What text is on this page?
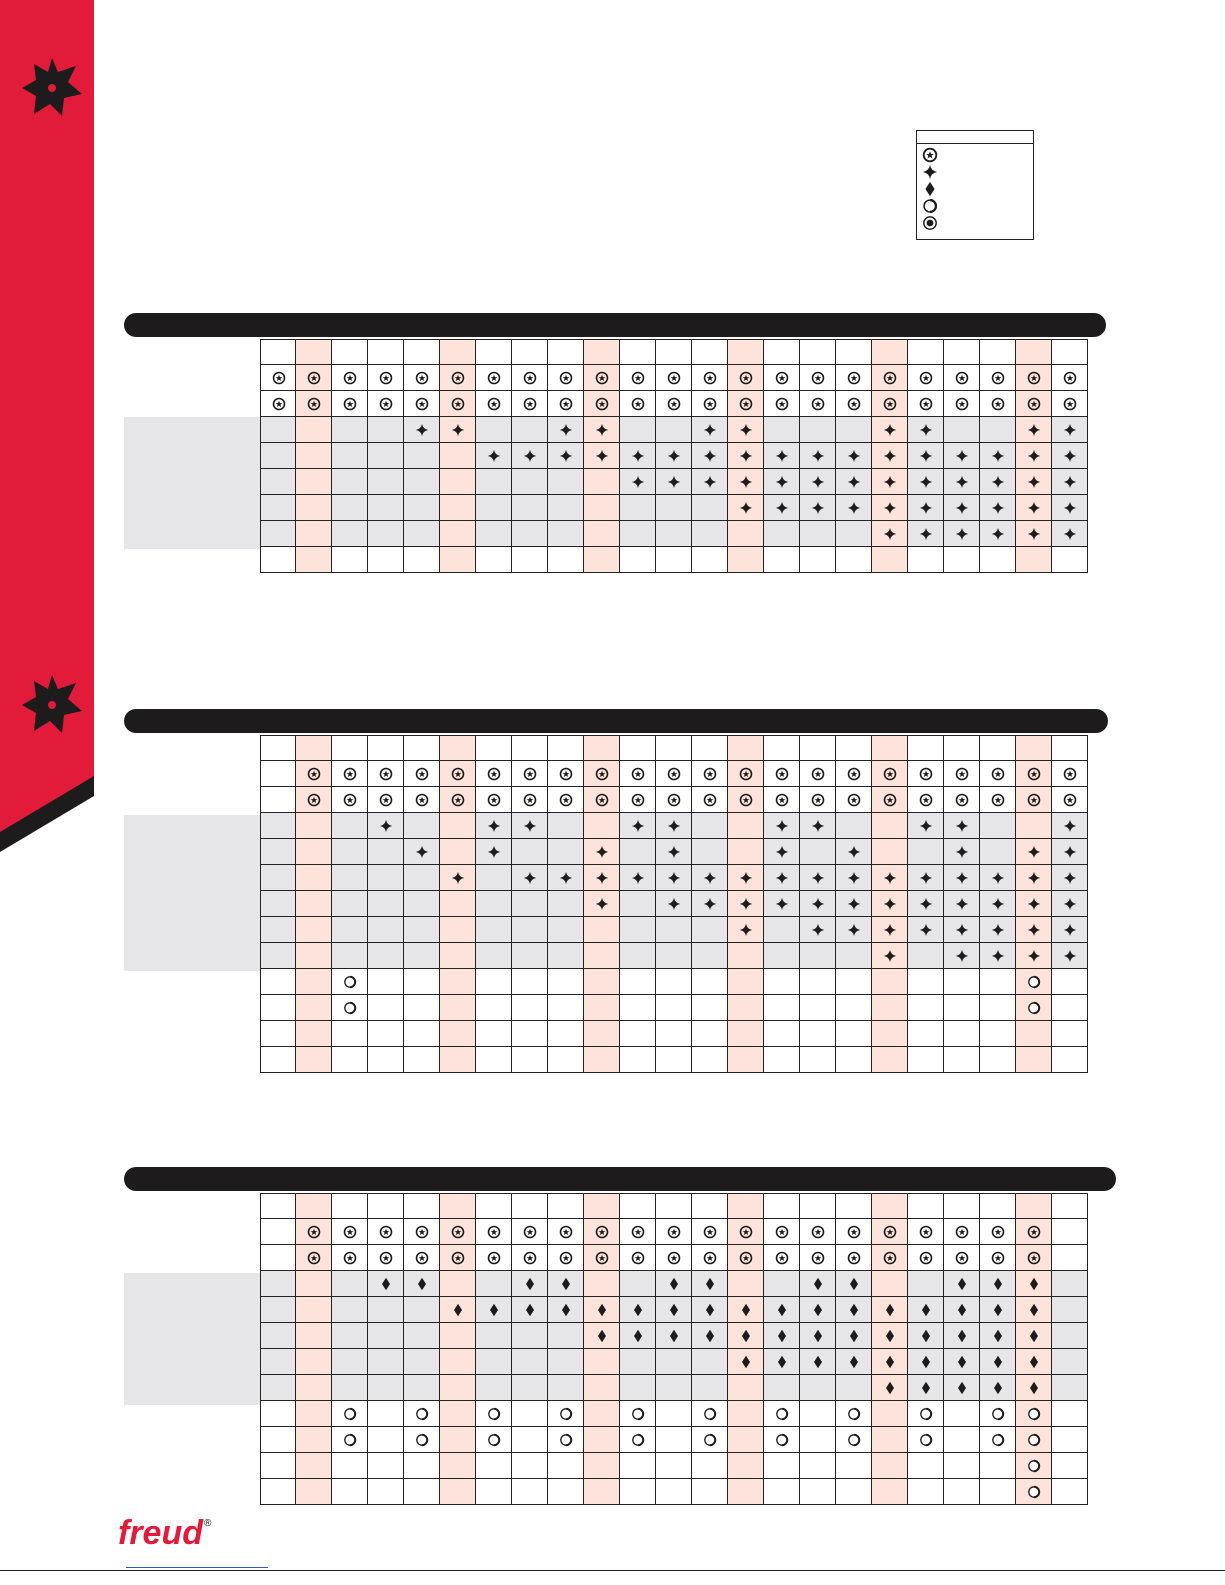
freud ®
